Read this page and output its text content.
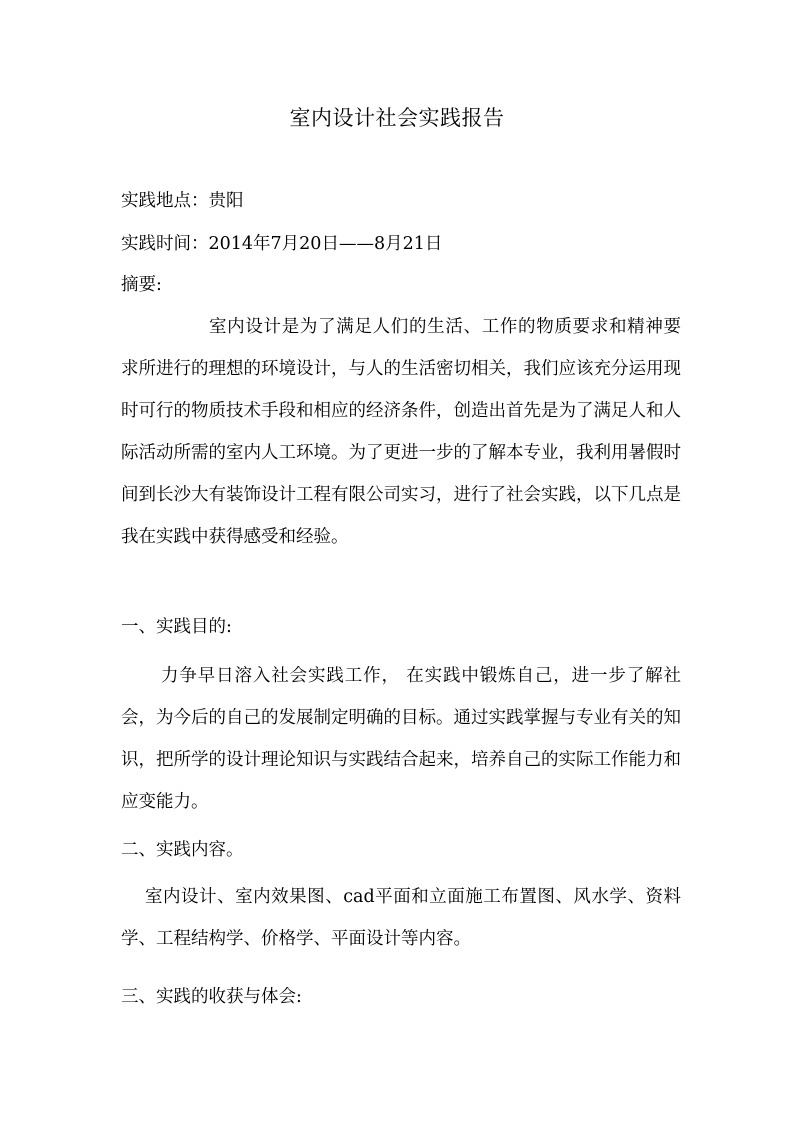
室内设计社会实践报告
实践地点：贵阳
实践时间：2014年7月20日——8月21日
摘要:
室内设计是为了满足人们的生活、工作的物质要求和精神要求所进行的理想的环境设计，与人的生活密切相关，我们应该充分运用现时可行的物质技术手段和相应的经济条件，创造出首先是为了满足人和人际活动所需的室内人工环境。为了更进一步的了解本专业，我利用暑假时间到长沙大有装饰设计工程有限公司实习，进行了社会实践，以下几点是我在实践中获得感受和经验。
一、实践目的:
力争早日溶入社会实践工作， 在实践中锻炼自己，进一步了解社会，为今后的自己的发展制定明确的目标。通过实践掌握与专业有关的知识，把所学的设计理论知识与实践结合起来，培养自己的实际工作能力和应变能力。
二、实践内容。
室内设计、室内效果图、cad平面和立面施工布置图、风水学、资料学、工程结构学、价格学、平面设计等内容。
三、实践的收获与体会:
